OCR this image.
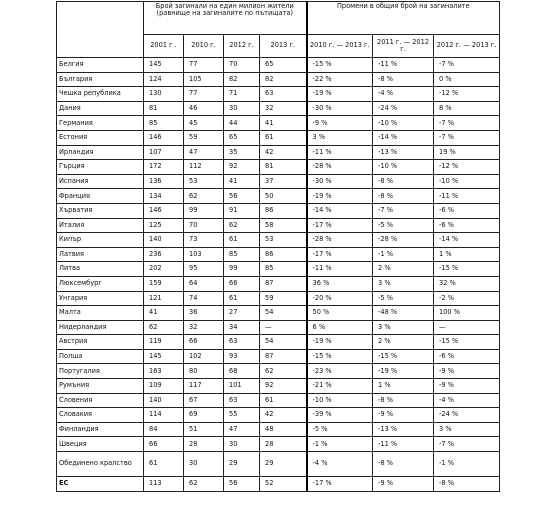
	Брой загинали на един милион жители (равнище на загиналите по пътищата)				Промени в общия брой на загиналите		
	2001 г .	2010 г.	2012 г.	2013 г.	2010 г. — 2013 г.	2011 г. — 2012 г.	2012 г. — 2013 г.
Белгия	145	77	70	65	-15 %	-11 %	-7 %
България	124	105	82	82	-22 %	-8 %	0 %
Чешка република	130	77	71	63	-19 %	-4 %	-12 %
Дания	81	46	30	32	-30 %	-24 %	8 %
Германия	85	45	44	41	-9 %	-10 %	-7 %
Естония	146	59	65	61	3 %	-14 %	-7 %
Ирландия	107	47	35	42	-11 %	-13 %	19 %
Гърция	172	112	92	81	-28 %	-10 %	-12 %
Испания	136	53	41	37	-30 %	-8 %	-10 %
Франция	134	62	56	50	-19 %	-8 %	-11 %
Хърватия	146	99	91	86	-14 %	-7 %	-6 %
Италия	125	70	62	58	-17 %	-5 %	-6 %
Кипър	140	73	61	53	-28 %	-28 %	-14 %
Латвия	236	103	85	86	-17 %	-1 %	1 %
Литва	202	95	99	85	-11 %	2 %	-15 %
Люксембург	159	64	66	87	36 %	3 %	32 %
Унгария	121	74	61	59	-20 %	-5 %	-2 %
Малта	41	36	27	54	50 %	-48 %	100 %
Нидерландия	62	32	34	—	6 %	3 %	—
Австрия	119	66	63	54	-19 %	2 %	-15 %
Полша	145	102	93	87	-15 %	-15 %	-6 %
Португалия	163	80	68	62	-23 %	-19 %	-9 %
Румъния	109	117	101	92	-21 %	1 %	-9 %
Словения	140	67	63	61	-10 %	-8 %	-4 %
Словакия	114	69	55	42	-39 %	-9 %	-24 %
Финландия	84	51	47	48	-5 %	-13 %	3 %
Швеция	66	28	30	28	-1 %	-11 %	-7 %
Обединено кралство	61	30	29	29	-4 %	-8 %	-1 %
ЕС	113	62	56	52	-17 %	-9 %	-8 %
